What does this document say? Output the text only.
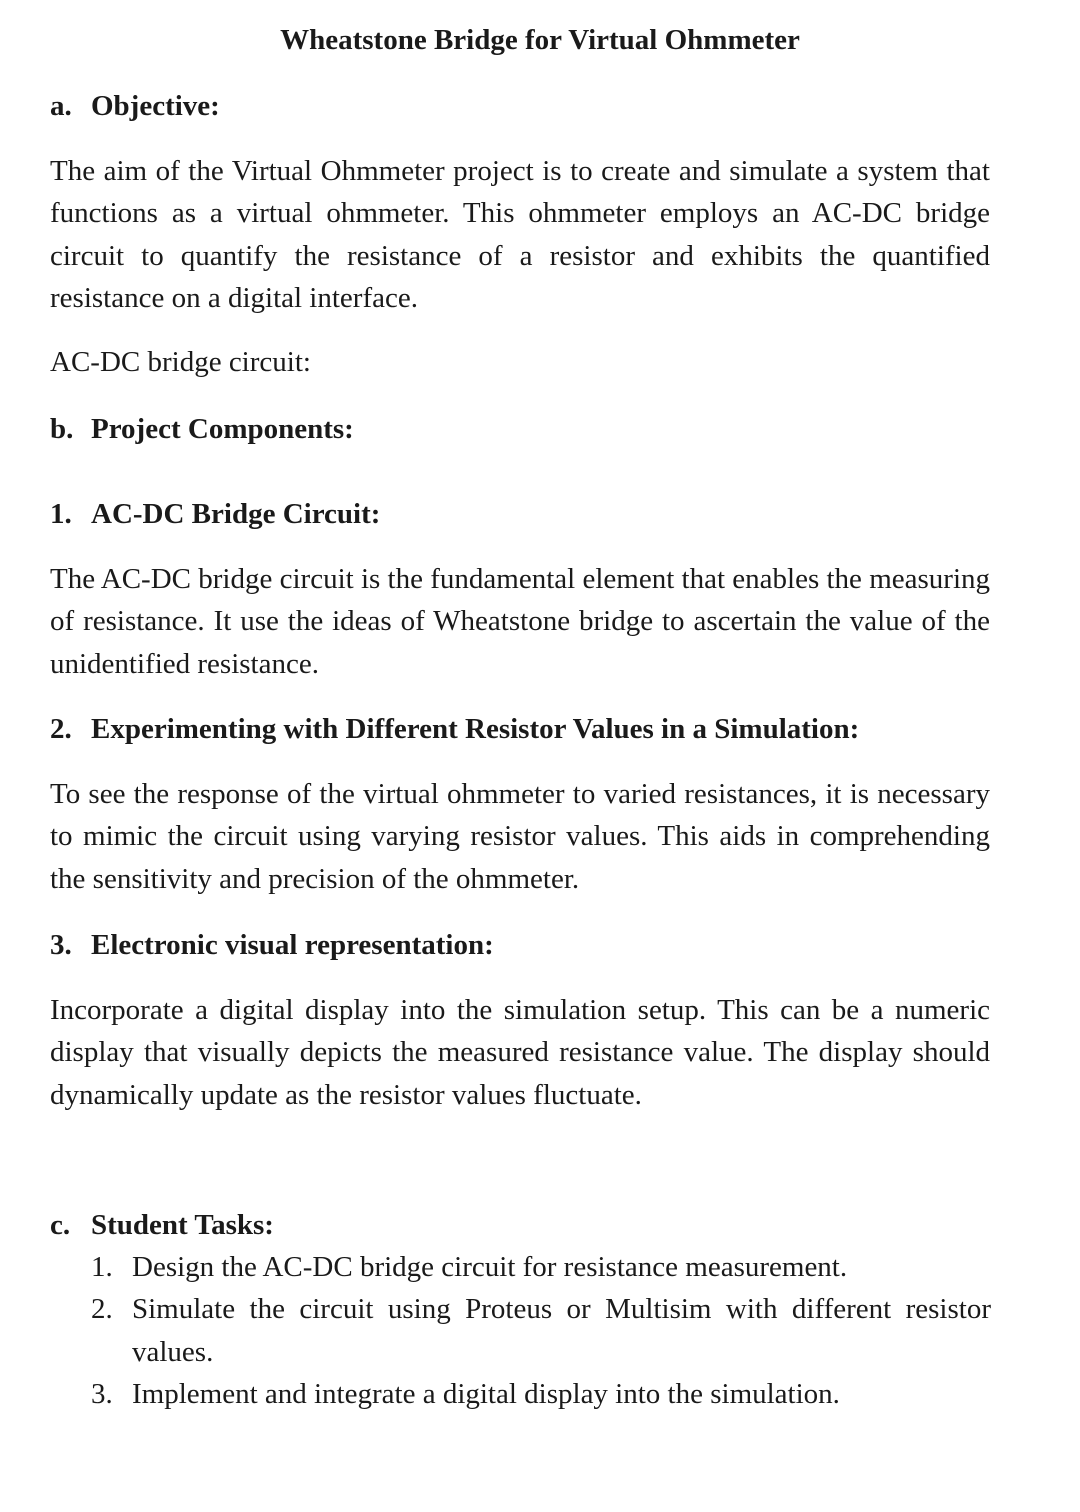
Wheatstone Bridge for Virtual Ohmmeter
a. Objective:

The aim of the Virtual Ohmmeter project is to create and simulate a system that functions as a virtual ohmmeter. This ohmmeter employs an AC-DC bridge circuit to quantify the resistance of a resistor and exhibits the quantified resistance on a digital interface.

AC-DC bridge circuit:

b. Project Components:
1. AC-DC Bridge Circuit:

The AC-DC bridge circuit is the fundamental element that enables the measuring of resistance. It use the ideas of Wheatstone bridge to ascertain the value of the unidentified resistance.

2. Experimenting with Different Resistor Values in a Simulation:

To see the response of the virtual ohmmeter to varied resistances, it is necessary to mimic the circuit using varying resistor values. This aids in comprehending the sensitivity and precision of the ohmmeter.

3. Electronic visual representation:

Incorporate a digital display into the simulation setup. This can be a numeric display that visually depicts the measured resistance value. The display should dynamically update as the resistor values fluctuate.

c. Student Tasks:
1. Design the AC-DC bridge circuit for resistance measurement.
2. Simulate the circuit using Proteus or Multisim with different resistor values.
3. Implement and integrate a digital display into the simulation.
